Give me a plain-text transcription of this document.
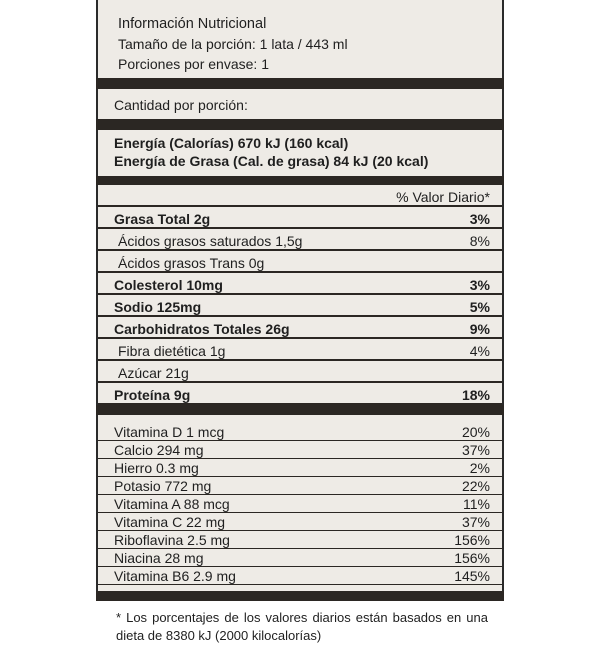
Información Nutricional
Tamaño de la porción: 1 lata / 443 ml
Porciones por envase: 1
Cantidad por porción:
Energía (Calorías) 670 kJ (160 kcal)
Energía de Grasa (Cal. de grasa) 84 kJ (20 kcal)
% Valor Diario*
Grasa Total 2g	3%
Ácidos grasos saturados 1,5g	8%
Ácidos grasos Trans 0g
Colesterol 10mg	3%
Sodio 125mg	5%
Carbohidratos Totales 26g	9%
Fibra dietética 1g	4%
Azúcar 21g
Proteína 9g	18%
Vitamina D 1 mcg	20%
Calcio 294 mg	37%
Hierro 0.3 mg	2%
Potasio 772 mg	22%
Vitamina A 88 mcg	11%
Vitamina C 22 mg	37%
Riboflavina 2.5 mg	156%
Niacina 28 mg	156%
Vitamina B6 2.9 mg	145%
* Los porcentajes de los valores diarios están basados en una dieta de 8380 kJ (2000 kilocalorías)
